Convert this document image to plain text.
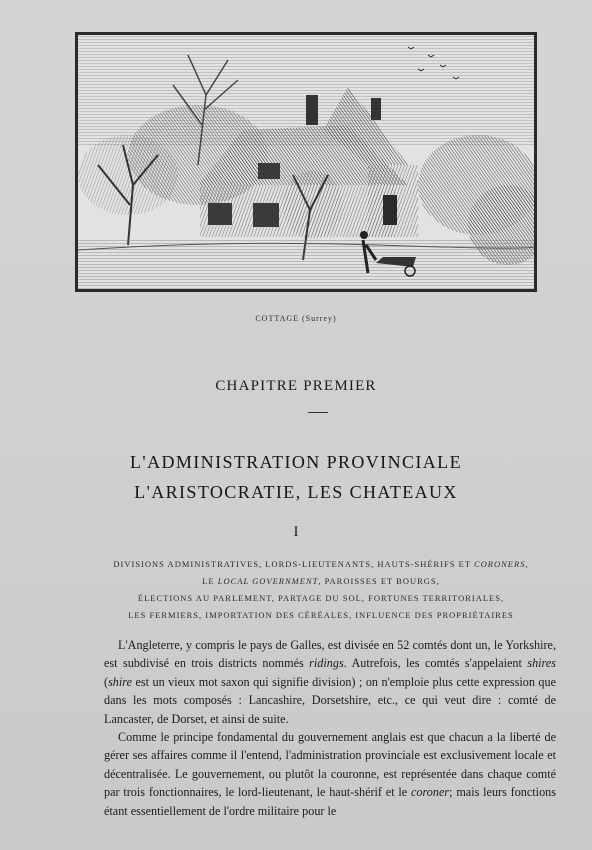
COTTAGE (Surrey)
CHAPITRE PREMIER
L'ADMINISTRATION PROVINCIALE
L'ARISTOCRATIE, LES CHATEAUX
I
DIVISIONS ADMINISTRATIVES, LORDS-LIEUTENANTS, HAUTS-SHÉRIFS ET CORONERS,
LE LOCAL GOVERNMENT, PAROISSES ET BOURGS,
ÉLECTIONS AU PARLEMENT, PARTAGE DU SOL, FORTUNES TERRITORIALES,
LES FERMIERS, IMPORTATION DES CÉRÉALES, INFLUENCE DES PROPRIÉTAIRES

L'Angleterre, y compris le pays de Galles, est divisée en 52 comtés dont un, le Yorkshire, est subdivisé en trois districts nommés ridings. Autrefois, les comtés s'appelaient shires (shire est un vieux mot saxon qui signifie division) ; on n'emploie plus cette expression que dans les mots composés : Lancashire, Dorsetshire, etc., ce qui veut dire : comté de Lancaster, de Dorset, et ainsi de suite.

Comme le principe fondamental du gouvernement anglais est que chacun a la liberté de gérer ses affaires comme il l'entend, l'administration provinciale est exclusivement locale et décentralisée. Le gouvernement, ou plutôt la couronne, est représentée dans chaque comté par trois fonctionnaires, le lord-lieutenant, le haut-shérif et le coroner; mais leurs fonctions étant essentiellement de l'ordre militaire pour le
